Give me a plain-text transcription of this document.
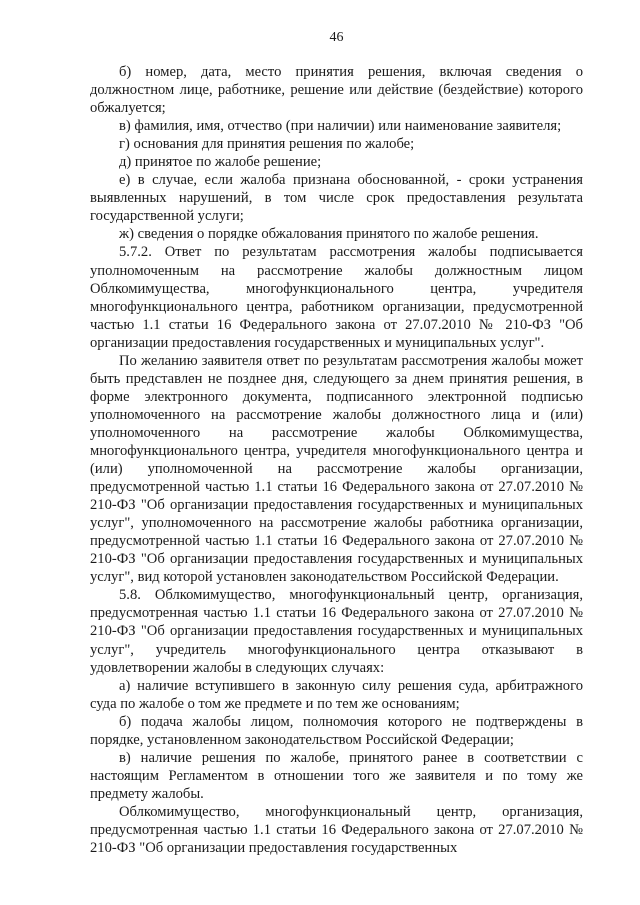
46

б) номер, дата, место принятия решения, включая сведения о должностном лице, работнике, решение или действие (бездействие) которого обжалуется;

в) фамилия, имя, отчество (при наличии) или наименование заявителя;

г) основания для принятия решения по жалобе;

д) принятое по жалобе решение;

е) в случае, если жалоба признана обоснованной, - сроки устранения выявленных нарушений, в том числе срок предоставления результата государственной услуги;

ж) сведения о порядке обжалования принятого по жалобе решения.

5.7.2. Ответ по результатам рассмотрения жалобы подписывается уполномоченным на рассмотрение жалобы должностным лицом Облкомимущества, многофункционального центра, учредителя многофункционального центра, работником организации, предусмотренной частью 1.1 статьи 16 Федерального закона от 27.07.2010 № 210-ФЗ "Об организации предоставления государственных и муниципальных услуг".

По желанию заявителя ответ по результатам рассмотрения жалобы может быть представлен не позднее дня, следующего за днем принятия решения, в форме электронного документа, подписанного электронной подписью уполномоченного на рассмотрение жалобы должностного лица и (или) уполномоченного на рассмотрение жалобы Облкомимущества, многофункционального центра, учредителя многофункционального центра и (или) уполномоченной на рассмотрение жалобы организации, предусмотренной частью 1.1 статьи 16 Федерального закона от 27.07.2010 № 210-ФЗ "Об организации предоставления государственных и муниципальных услуг", уполномоченного на рассмотрение жалобы работника организации, предусмотренной частью 1.1 статьи 16 Федерального закона от 27.07.2010 № 210-ФЗ "Об организации предоставления государственных и муниципальных услуг", вид которой установлен законодательством Российской Федерации.

5.8. Облкомимущество, многофункциональный центр, организация, предусмотренная частью 1.1 статьи 16 Федерального закона от 27.07.2010 № 210-ФЗ "Об организации предоставления государственных и муниципальных услуг", учредитель многофункционального центра отказывают в удовлетворении жалобы в следующих случаях:

а) наличие вступившего в законную силу решения суда, арбитражного суда по жалобе о том же предмете и по тем же основаниям;

б) подача жалобы лицом, полномочия которого не подтверждены в порядке, установленном законодательством Российской Федерации;

в) наличие решения по жалобе, принятого ранее в соответствии с настоящим Регламентом в отношении того же заявителя и по тому же предмету жалобы.

Облкомимущество, многофункциональный центр, организация, предусмотренная частью 1.1 статьи 16 Федерального закона от 27.07.2010 № 210-ФЗ "Об организации предоставления государственных
